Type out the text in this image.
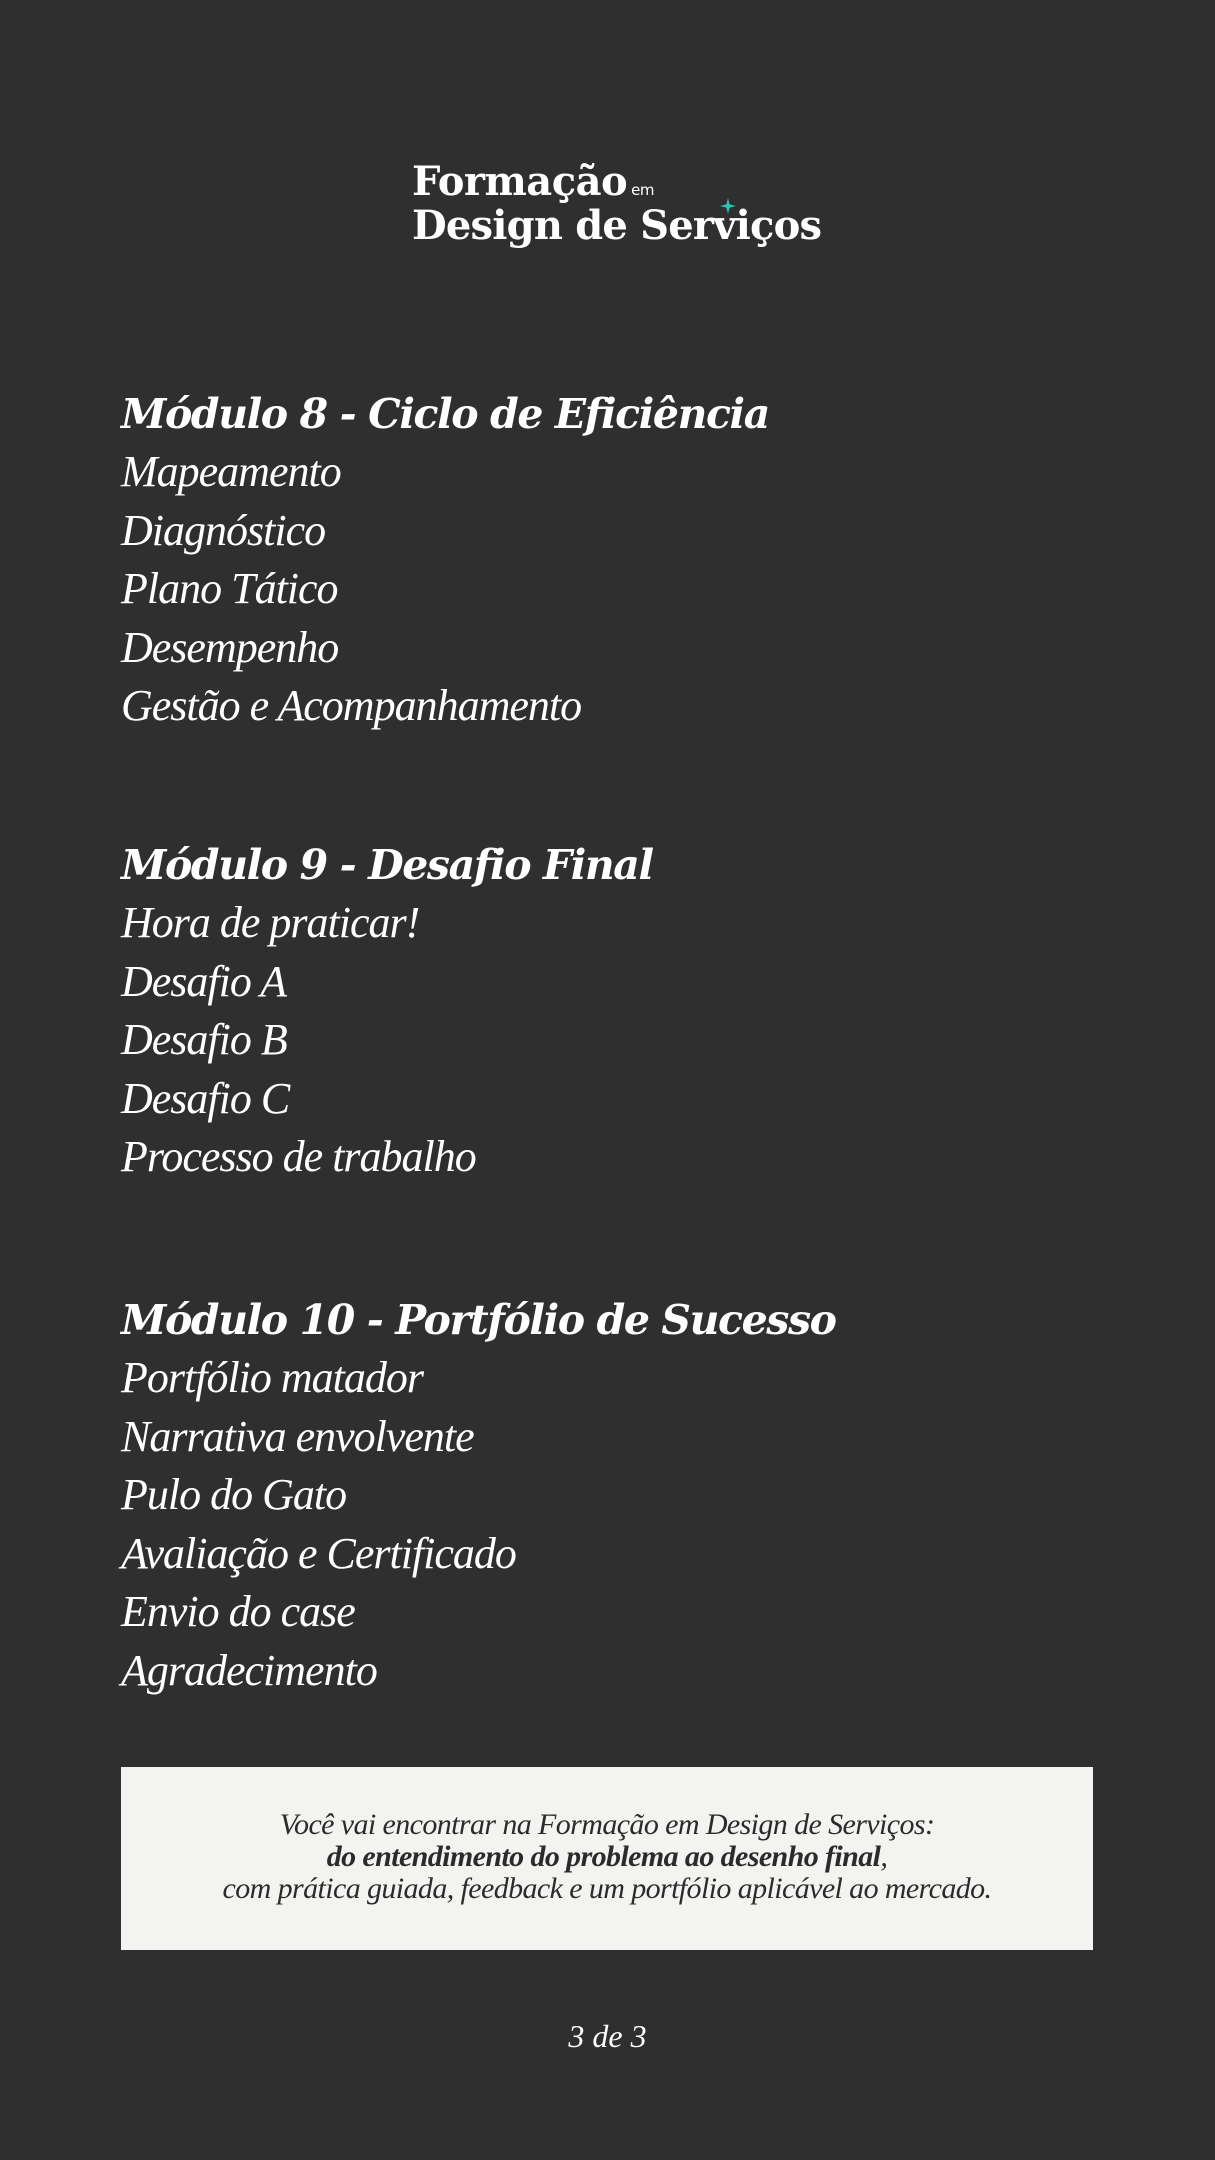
Formação em
Design de Serviços
Módulo 8 - Ciclo de Eficiência
Mapeamento
Diagnóstico
Plano Tático
Desempenho
Gestão e Acompanhamento
Módulo 9 - Desafio Final
Hora de praticar!
Desafio A
Desafio B
Desafio C
Processo de trabalho
Módulo 10 - Portfólio de Sucesso
Portfólio matador
Narrativa envolvente
Pulo do Gato
Avaliação e Certificado
Envio do case
Agradecimento

Você vai encontrar na Formação em Design de Serviços:

do entendimento do problema ao desenho final,

com prática guiada, feedback e um portfólio aplicável ao mercado.

3 de 3
